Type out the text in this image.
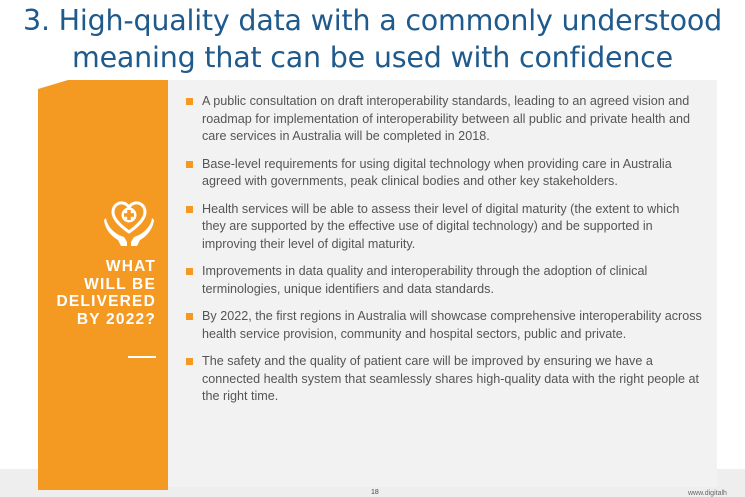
3. High-quality data with a commonly understood
meaning that can be used with confidence
WHAT
WILL BE
DELIVERED
BY 2022?
A public consultation on draft interoperability standards, leading to an agreed vision and roadmap for implementation of interoperability between all public and private health and care services in Australia will be completed in 2018.
Base-level requirements for using digital technology when providing care in Australia agreed with governments, peak clinical bodies and other key stakeholders.
Health services will be able to assess their level of digital maturity (the extent to which they are supported by the effective use of digital technology) and be supported in improving their level of digital maturity.
Improvements in data quality and interoperability through the adoption of clinical terminologies, unique identifiers and data standards.
By 2022, the first regions in Australia will showcase comprehensive interoperability across health service provision, community and hospital sectors, public and private.
The safety and the quality of patient care will be improved by ensuring we have a connected health system that seamlessly shares high-quality data with the right people at the right time.
18	www.digitalh
